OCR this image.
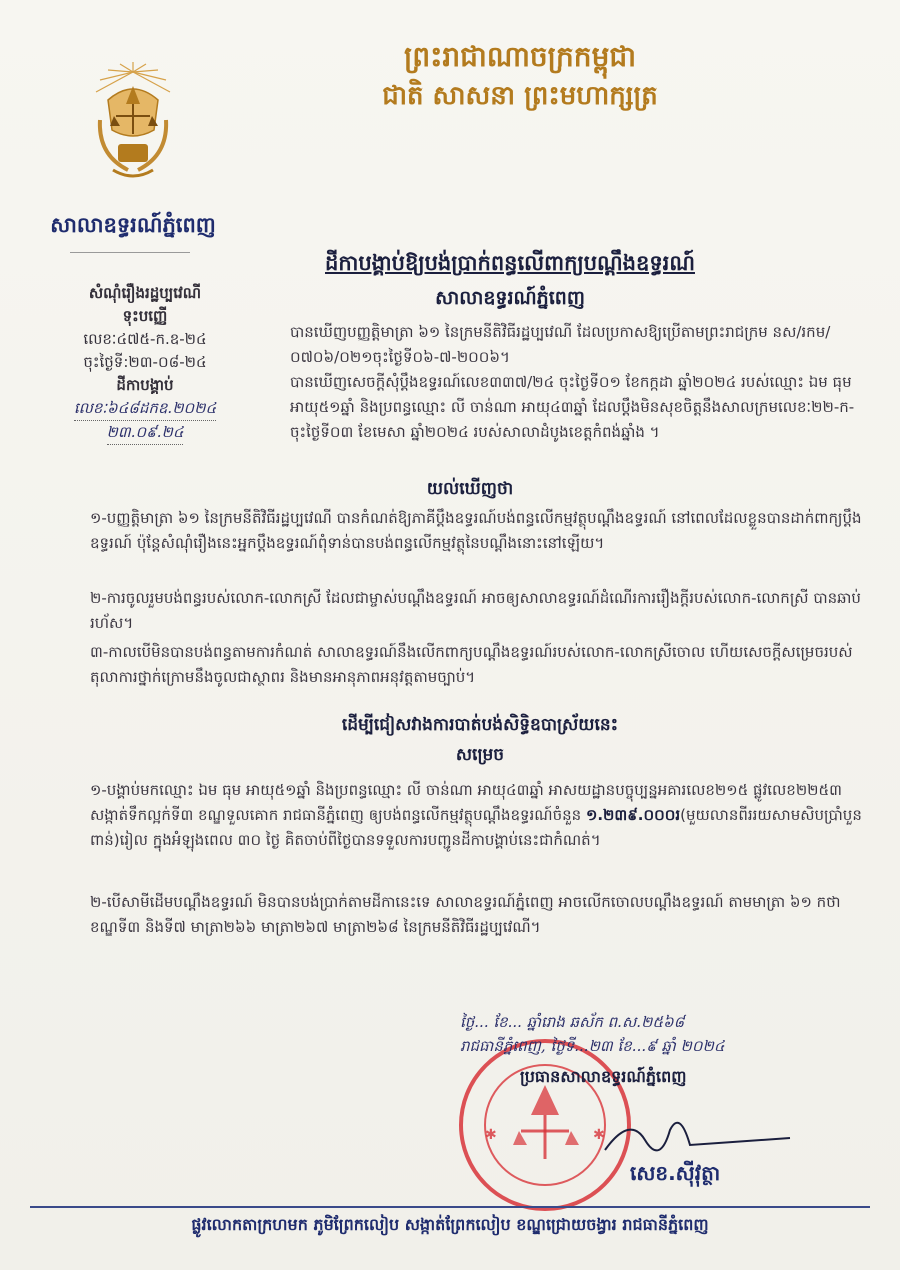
ព្រះរាជាណាចក្រកម្ពុជា
ជាតិ សាសនា ព្រះមហាក្សត្រ
សាលាឧទ្ធរណ៍ភ្នំពេញ
សំណុំរឿងរដ្ឋប្បវេណី
ទុះបញ្ញើ
លេខៈ៤៧៥-ក.ឧ-២៤
ចុះថ្ងៃទី:២៣-០៨-២៤
ដីកាបង្គាប់
លេខៈ៦៤៨ដកឧ.២០២៤
២៣.០៩.២៤
ដីកាបង្គាប់ឱ្យបង់ប្រាក់ពន្ធលើពាក្យបណ្តឹងឧទ្ធរណ៍
សាលាឧទ្ធរណ៍ភ្នំពេញ
បានឃើញបញ្ញត្តិមាត្រា ៦១ នៃក្រមនីតិវិធីរដ្ឋប្បវេណី ដែលប្រកាសឱ្យប្រើតាមព្រះរាជក្រម នស/រកម/០៧០៦/០២១ចុះថ្ងៃទី០៦-៧-២០០៦។
បានឃើញសេចក្តីសុំប្តឹងឧទ្ធរណ៍លេខ៣៣៧/២៤ ចុះថ្ងៃទី០១ ខែកក្កដា ឆ្នាំ២០២៤ របស់ឈ្មោះ ឯម ធុម អាយុ៥១ឆ្នាំ និងប្រពន្ធឈ្មោះ លី ចាន់ណា អាយុ៤៣ឆ្នាំ ដែលប្តឹងមិនសុខចិត្តនឹងសាលក្រមលេខៈ២២-ក- ចុះថ្ងៃទី០៣ ខែមេសា ឆ្នាំ២០២៤ របស់សាលាដំបូងខេត្តកំពង់ឆ្នាំង ។
យល់ឃើញថា
១-បញ្ញត្តិមាត្រា ៦១ នៃក្រមនីតិវិធីរដ្ឋប្បវេណី បានកំណត់ឱ្យភាគីប្តឹងឧទ្ធរណ៍បង់ពន្ធលើកម្មវត្ថុបណ្តឹងឧទ្ធរណ៍ នៅពេលដែលខ្លួនបានដាក់ពាក្យប្តឹងឧទ្ធរណ៍ ប៉ុន្តែសំណុំរឿងនេះអ្នកប្តឹងឧទ្ធរណ៍ពុំទាន់បានបង់ពន្ធលើកម្មវត្ថុនៃបណ្តឹងនោះនៅឡើយ។
២-ការចូលរួមបង់ពន្ធរបស់លោក-លោកស្រី ដែលជាម្ចាស់បណ្តឹងឧទ្ធរណ៍ អាចឲ្យសាលាឧទ្ធរណ៍ដំណើរការរឿងក្តីរបស់លោក-លោកស្រី បានឆាប់រហ័ស។
៣-កាលបើមិនបានបង់ពន្ធតាមការកំណត់ សាលាឧទ្ធរណ៍នឹងលើកពាក្យបណ្តឹងឧទ្ធរណ៍របស់លោក-លោកស្រីចោល ហើយសេចក្តីសម្រេចរបស់តុលាការថ្នាក់ក្រោមនឹងចូលជាស្ថាពរ និងមានអានុភាពអនុវត្តតាមច្បាប់។
ដើម្បីជៀសវាងការបាត់បង់សិទ្ធិឧបាស្រ័យនេះ
សម្រេច
១-បង្គាប់មកឈ្មោះ ឯម ធុម អាយុ៥១ឆ្នាំ និងប្រពន្ធឈ្មោះ លី ចាន់ណា អាយុ៤៣ឆ្នាំ អាសយដ្ឋានបច្ចុប្បន្នអគារលេខ២១៥ ផ្លូវលេខ២២៥៣ សង្កាត់ទឹកល្អក់ទី៣ ខណ្ឌទួលគោក រាជធានីភ្នំពេញ ឲ្យបង់ពន្ធលើកម្មវត្ថុបណ្តឹងឧទ្ធរណ៍ចំនួន ១.២៣៩.០០០រ(មួយលានពីររយសាមសិបប្រាំបួនពាន់)រៀល ក្នុងអំឡុងពេល ៣០ ថ្ងៃ គិតចាប់ពីថ្ងៃបានទទួលការបញ្ជូនដីកាបង្គាប់នេះជាកំណត់។
២-បើសាមីដើមបណ្តឹងឧទ្ធរណ៍ មិនបានបង់ប្រាក់តាមដីកានេះទេ សាលាឧទ្ធរណ៍ភ្នំពេញ អាចលើកចោលបណ្តឹងឧទ្ធរណ៍ តាមមាត្រា ៦១ កថាខណ្ឌទី៣ និងទី៧ មាត្រា២៦៦ មាត្រា២៦៧ មាត្រា២៦៨ នៃក្រមនីតិវិធីរដ្ឋប្បវេណី។
✱	✱
ថ្ងៃ... ខែ... ឆ្នាំរោង ឆស័ក ព.ស.២៥៦៨
រាជធានីភ្នំពេញ, ថ្ងៃទី...២៣ ខែ...៩ ឆ្នាំ ២០២៤
ប្រធានសាលាឧទ្ធរណ៍ភ្នំពេញ
សេខ.ស៊ីវុត្ថា
ផ្លូវលោកតាក្រហមក ភូមិព្រែកលៀប សង្កាត់ព្រែកលៀប ខណ្ឌជ្រោយចង្វារ រាជធានីភ្នំពេញ
